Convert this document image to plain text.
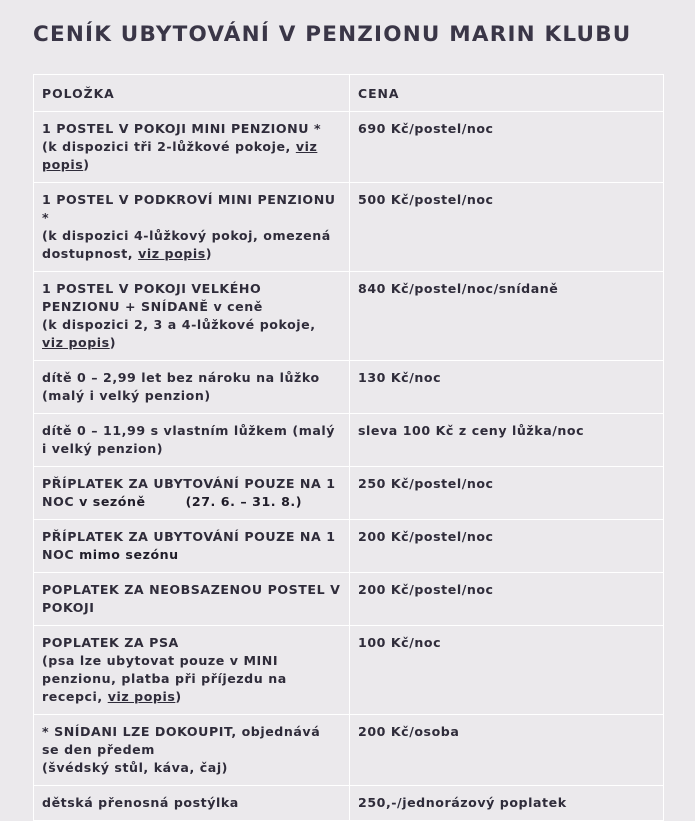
CENÍK UBYTOVÁNÍ V PENZIONU MARIN KLUBU
POLOŽKA	CENA
1 POSTEL V POKOJI MINI PENZIONU *
(k dispozici tři 2-lůžkové pokoje, viz popis)	690 Kč/postel/noc
1 POSTEL V PODKROVÍ MINI PENZIONU *
(k dispozici 4-lůžkový pokoj, omezená dostupnost, viz popis)	500 Kč/postel/noc
1 POSTEL V POKOJI VELKÉHO PENZIONU + SNÍDANĚ v ceně
(k dispozici 2, 3 a 4-lůžkové pokoje, viz popis)	840 Kč/postel/noc/snídaně
dítě 0 – 2,99 let bez nároku na lůžko (malý i velký penzion)	130 Kč/noc
dítě 0 – 11,99 s vlastním lůžkem (malý i velký penzion)	sleva 100 Kč z ceny lůžka/noc
PŘÍPLATEK ZA UBYTOVÁNÍ POUZE NA 1 NOC v sezóně (27. 6. – 31. 8.)	250 Kč/postel/noc
PŘÍPLATEK ZA UBYTOVÁNÍ POUZE NA 1 NOC mimo sezónu	200 Kč/postel/noc
POPLATEK ZA NEOBSAZENOU POSTEL V POKOJI	200 Kč/postel/noc
POPLATEK ZA PSA
(psa lze ubytovat pouze v MINI penzionu, platba při příjezdu na recepci, viz popis)	100 Kč/noc
* SNÍDANI LZE DOKOUPIT, objednává se den předem
(švédský stůl, káva, čaj)	200 Kč/osoba
dětská přenosná postýlka	250,-/jednorázový poplatek
